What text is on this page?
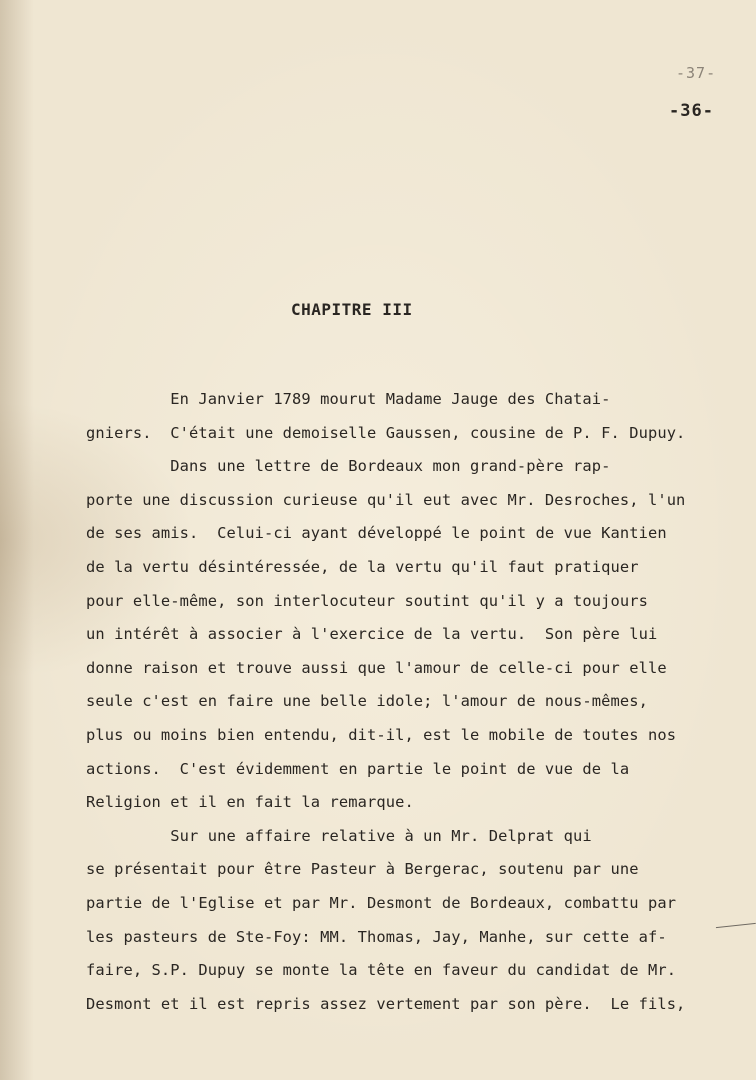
-37-
-36-
CHAPITRE III
En Janvier 1789 mourut Madame Jauge des Chatai-
gniers.  C'était une demoiselle Gaussen, cousine de P. F. Dupuy.
Dans une lettre de Bordeaux mon grand-père rap-
porte une discussion curieuse qu'il eut avec Mr. Desroches, l'un
de ses amis.  Celui-ci ayant développé le point de vue Kantien
de la vertu désintéressée, de la vertu qu'il faut pratiquer
pour elle-même, son interlocuteur soutint qu'il y a toujours
un intérêt à associer à l'exercice de la vertu.  Son père lui
donne raison et trouve aussi que l'amour de celle-ci pour elle
seule c'est en faire une belle idole; l'amour de nous-mêmes,
plus ou moins bien entendu, dit-il, est le mobile de toutes nos
actions.  C'est évidemment en partie le point de vue de la
Religion et il en fait la remarque.
Sur une affaire relative à un Mr. Delprat qui
se présentait pour être Pasteur à Bergerac, soutenu par une
partie de l'Eglise et par Mr. Desmont de Bordeaux, combattu par
les pasteurs de Ste-Foy: MM. Thomas, Jay, Manhe, sur cette af-
faire, S.P. Dupuy se monte la tête en faveur du candidat de Mr.
Desmont et il est repris assez vertement par son père.  Le fils,
